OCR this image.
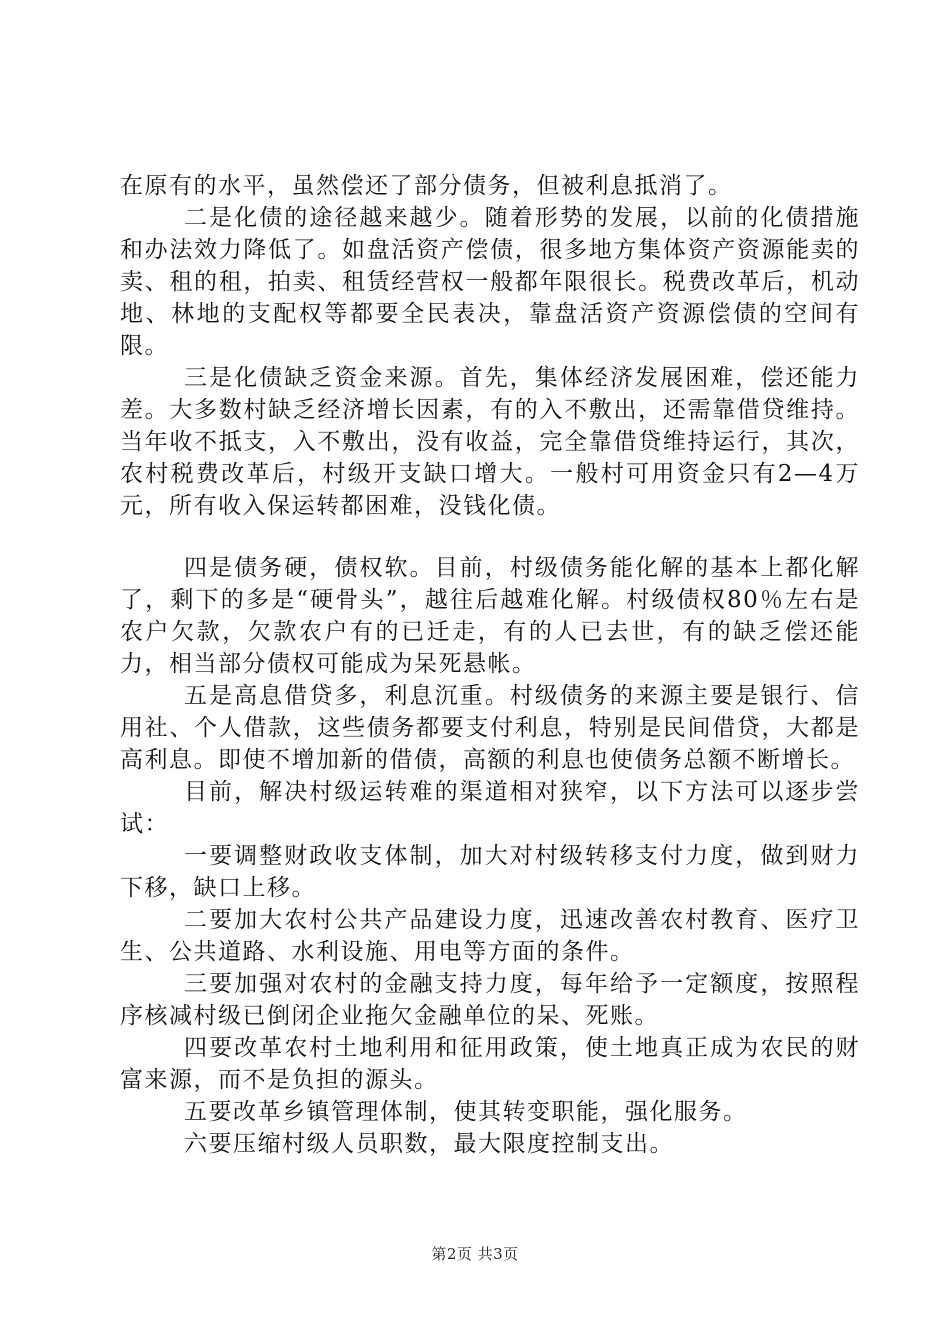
在原有的水平，虽然偿还了部分债务，但被利息抵消了。

二是化债的途径越来越少。随着形势的发展，以前的化债措施和办法效力降低了。如盘活资产偿债，很多地方集体资产资源能卖的卖、租的租，拍卖、租赁经营权一般都年限很长。税费改革后，机动地、林地的支配权等都要全民表决，靠盘活资产资源偿债的空间有限。

三是化债缺乏资金来源。首先，集体经济发展困难，偿还能力差。大多数村缺乏经济增长因素，有的入不敷出，还需靠借贷维持。当年收不抵支，入不敷出，没有收益，完全靠借贷维持运行，其次，农村税费改革后，村级开支缺口增大。一般村可用资金只有2—4万元，所有收入保运转都困难，没钱化债。

四是债务硬，债权软。目前，村级债务能化解的基本上都化解了，剩下的多是“硬骨头”，越往后越难化解。村级债权80％左右是农户欠款，欠款农户有的已迁走，有的人已去世，有的缺乏偿还能力，相当部分债权可能成为呆死悬帐。

五是高息借贷多，利息沉重。村级债务的来源主要是银行、信用社、个人借款，这些债务都要支付利息，特别是民间借贷，大都是高利息。即使不增加新的借债，高额的利息也使债务总额不断增长。

目前，解决村级运转难的渠道相对狭窄，以下方法可以逐步尝试：

一要调整财政收支体制，加大对村级转移支付力度，做到财力下移，缺口上移。

二要加大农村公共产品建设力度，迅速改善农村教育、医疗卫生、公共道路、水利设施、用电等方面的条件。

三要加强对农村的金融支持力度，每年给予一定额度，按照程序核减村级已倒闭企业拖欠金融单位的呆、死账。

四要改革农村土地利用和征用政策，使土地真正成为农民的财富来源，而不是负担的源头。

五要改革乡镇管理体制，使其转变职能，强化服务。

六要压缩村级人员职数，最大限度控制支出。

第2页 共3页
